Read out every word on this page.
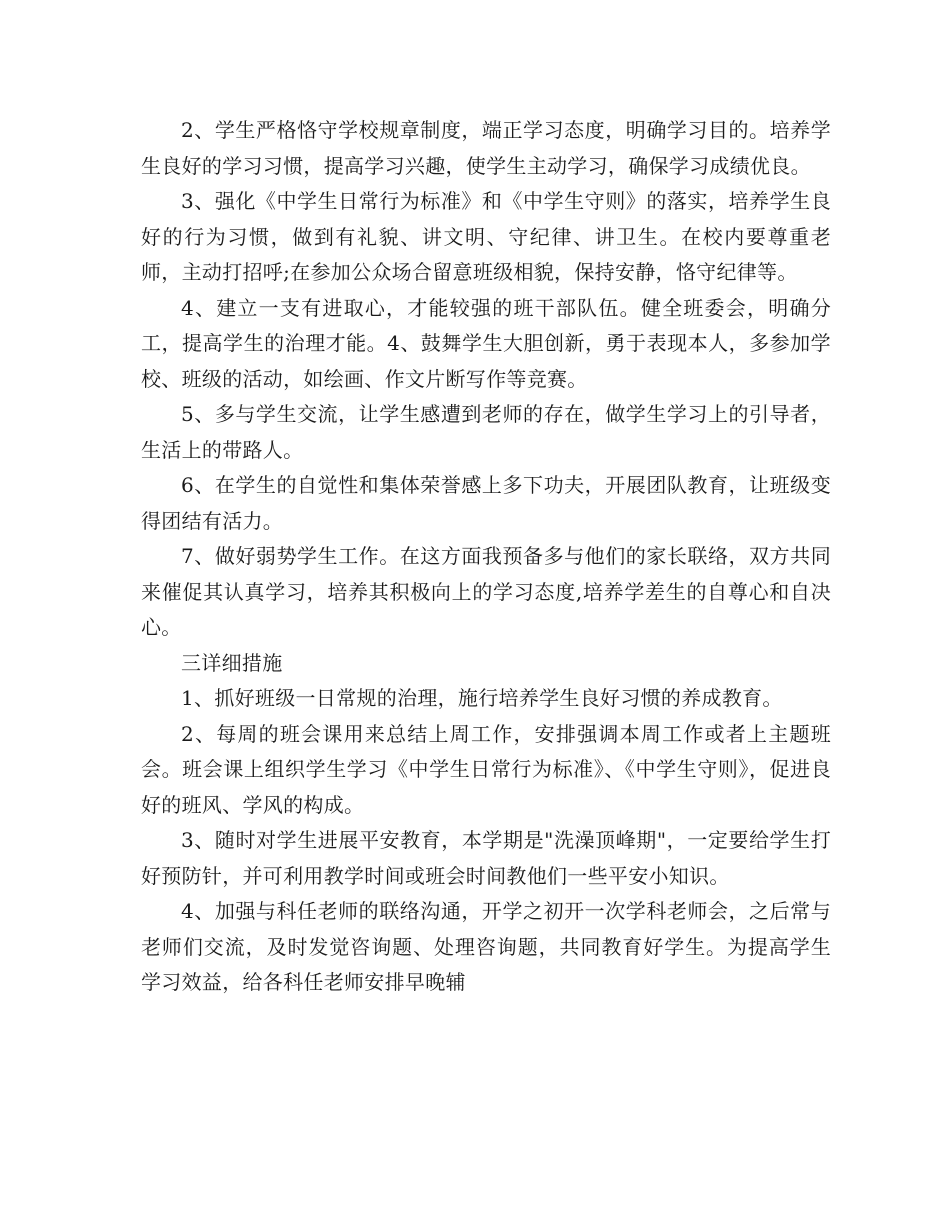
2、学生严格恪守学校规章制度，端正学习态度，明确学习目的。培养学生良好的学习习惯，提高学习兴趣，使学生主动学习，确保学习成绩优良。

3、强化《中学生日常行为标准》和《中学生守则》的落实，培养学生良好的行为习惯，做到有礼貌、讲文明、守纪律、讲卫生。在校内要尊重老师，主动打招呼;在参加公众场合留意班级相貌，保持安静，恪守纪律等。

4、建立一支有进取心，才能较强的班干部队伍。健全班委会，明确分工，提高学生的治理才能。4、鼓舞学生大胆创新，勇于表现本人，多参加学校、班级的活动，如绘画、作文片断写作等竞赛。

5、多与学生交流，让学生感遭到老师的存在，做学生学习上的引导者，生活上的带路人。

6、在学生的自觉性和集体荣誉感上多下功夫，开展团队教育，让班级变得团结有活力。

7、做好弱势学生工作。在这方面我预备多与他们的家长联络，双方共同来催促其认真学习，培养其积极向上的学习态度,培养学差生的自尊心和自决心。

三详细措施

1、抓好班级一日常规的治理，施行培养学生良好习惯的养成教育。

2、每周的班会课用来总结上周工作，安排强调本周工作或者上主题班会。班会课上组织学生学习《中学生日常行为标准》、《中学生守则》，促进良好的班风、学风的构成。

3、随时对学生进展平安教育，本学期是"洗澡顶峰期"，一定要给学生打好预防针，并可利用教学时间或班会时间教他们一些平安小知识。

4、加强与科任老师的联络沟通，开学之初开一次学科老师会，之后常与老师们交流，及时发觉咨询题、处理咨询题，共同教育好学生。为提高学生学习效益，给各科任老师安排早晚辅
